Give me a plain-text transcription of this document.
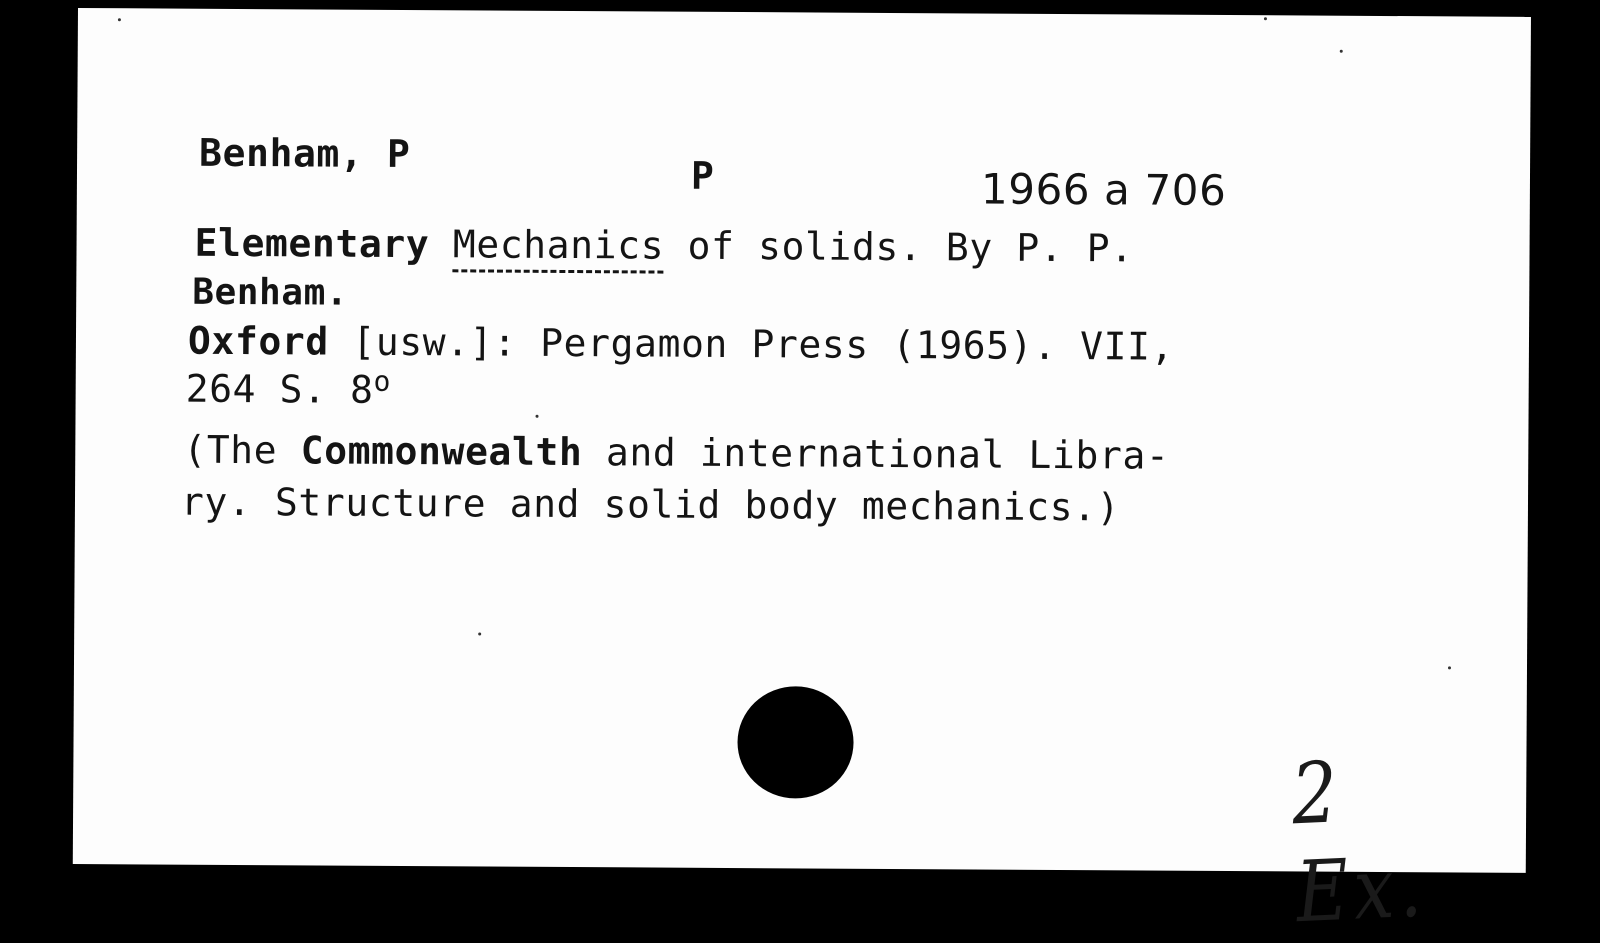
Benham, P	P	1966 a 706
Elementary Mechanics of solids. By P. P.
Benham.
Oxford [usw.]: Pergamon Press (1965). VII,
264 S. 8$^o$
(The Commonwealth and international Libra-
ry. Structure and solid body mechanics.)
2 Ex.
